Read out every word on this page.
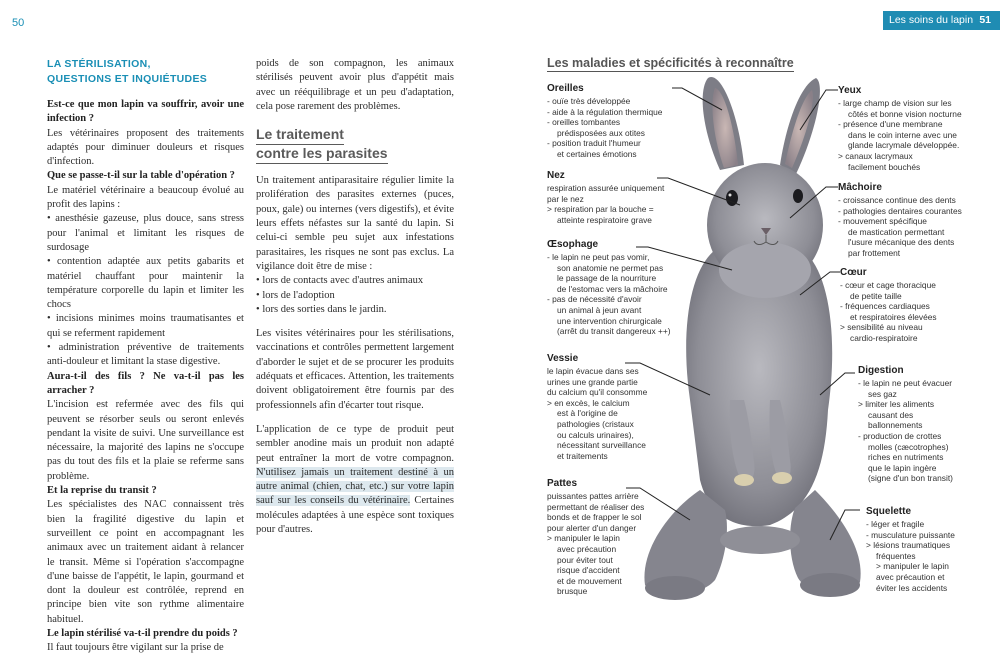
50	Les soins du lapin 51
LA STÉRILISATION,
QUESTIONS ET INQUIÉTUDES
Est-ce que mon lapin va souffrir, avoir une infection ?
Les vétérinaires proposent des traitements adaptés pour diminuer douleurs et risques d'infection.
Que se passe-t-il sur la table d'opération ?
Le matériel vétérinaire a beaucoup évolué au profit des lapins :
• anesthésie gazeuse, plus douce, sans stress pour l'animal et limitant les risques de surdosage
• contention adaptée aux petits gabarits et matériel chauffant pour maintenir la température corporelle du lapin et limiter les chocs
• incisions minimes moins traumatisantes et qui se referment rapidement
• administration préventive de traitements anti-douleur et limitant la stase digestive.
Aura-t-il des fils ? Ne va-t-il pas les arracher ?
L'incision est refermée avec des fils qui peuvent se résorber seuls ou seront enlevés pendant la visite de suivi. Une surveillance est nécessaire, la majorité des lapins ne s'occupe pas du tout des fils et la plaie se referme sans problème.
Et la reprise du transit ?
Les spécialistes des NAC connaissent très bien la fragilité digestive du lapin et surveillent ce point en accompagnant les animaux avec un traitement aidant à relancer le transit. Même si l'opération s'accompagne d'une baisse de l'appétit, le lapin, gourmand et dont la douleur est contrôlée, reprend en principe bien vite son rythme alimentaire habituel.
Le lapin stérilisé va-t-il prendre du poids ?
Il faut toujours être vigilant sur la prise de
poids de son compagnon, les animaux stérilisés peuvent avoir plus d'appétit mais avec un rééquilibrage et un peu d'adaptation, cela pose rarement des problèmes.
Le traitement
contre les parasites
Un traitement antiparasitaire régulier limite la prolifération des parasites externes (puces, poux, gale) ou internes (vers digestifs), et évite leurs effets néfastes sur la santé du lapin. Si celui-ci semble peu sujet aux infestations parasitaires, les risques ne sont pas exclus. La vigilance doit être de mise :
• lors de contacts avec d'autres animaux
• lors de l'adoption
• lors des sorties dans le jardin.
Les visites vétérinaires pour les stérilisations, vaccinations et contrôles permettent largement d'aborder le sujet et de se procurer les produits adéquats et efficaces. Attention, les traitements doivent obligatoirement être fournis par des professionnels afin d'écarter tout risque.
L'application de ce type de produit peut sembler anodine mais un produit non adapté peut entraîner la mort de votre compagnon. N'utilisez jamais un traitement destiné à un autre animal (chien, chat, etc.) sur votre lapin sauf sur les conseils du vétérinaire. Certaines molécules adaptées à une espèce sont toxiques pour d'autres.
Les maladies et spécificités à reconnaître
Oreilles
- ouïe très développée
- aide à la régulation thermique
- oreilles tombantes
prédisposées aux otites
- position traduit l'humeur
et certaines émotions
Nez
respiration assurée uniquement
par le nez
> respiration par la bouche =
atteinte respiratoire grave
Œsophage
- le lapin ne peut pas vomir,
son anatomie ne permet pas
le passage de la nourriture
de l'estomac vers la mâchoire
- pas de nécessité d'avoir
un animal à jeun avant
une intervention chirurgicale
(arrêt du transit dangereux ++)
Vessie
le lapin évacue dans ses
urines une grande partie
du calcium qu'il consomme
> en excès, le calcium
est à l'origine de
pathologies (cristaux
ou calculs urinaires),
nécessitant surveillance
et traitements
Pattes
puissantes pattes arrière
permettant de réaliser des
bonds et de frapper le sol
pour alerter d'un danger
> manipuler le lapin
avec précaution
pour éviter tout
risque d'accident
et de mouvement
brusque
Yeux
- large champ de vision sur les
côtés et bonne vision nocturne
- présence d'une membrane
dans le coin interne avec une
glande lacrymale développée.
> canaux lacrymaux
facilement bouchés
Mâchoire
- croissance continue des dents
- pathologies dentaires courantes
- mouvement spécifique
de mastication permettant
l'usure mécanique des dents
par frottement
Cœur
- cœur et cage thoracique
de petite taille
- fréquences cardiaques
et respiratoires élevées
> sensibilité au niveau
cardio-respiratoire
Digestion
- le lapin ne peut évacuer
ses gaz
> limiter les aliments
causant des
ballonnements
- production de crottes
molles (cæcotrophes)
riches en nutriments
que le lapin ingère
(signe d'un bon transit)
Squelette
- léger et fragile
- musculature puissante
> lésions traumatiques
fréquentes
> manipuler le lapin
avec précaution et
éviter les accidents
